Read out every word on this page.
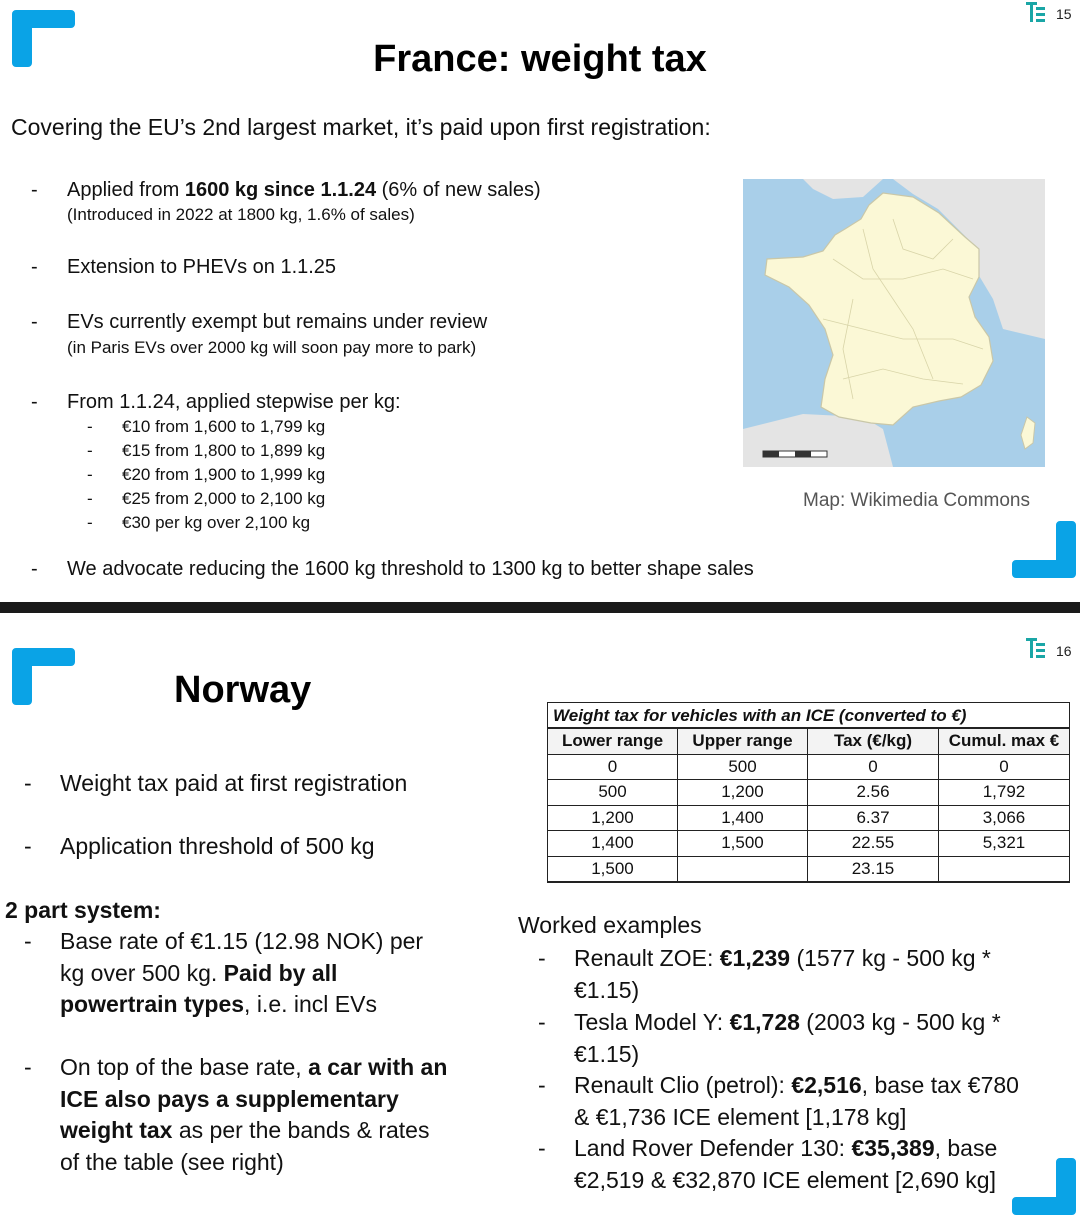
15
France: weight tax
Covering the EU’s 2nd largest market, it’s paid upon first registration:
- Applied from 1600 kg since 1.1.24 (6% of new sales)
(Introduced in 2022 at 1800 kg, 1.6% of sales)
- Extension to PHEVs on 1.1.25
- EVs currently exempt but remains under review
(in Paris EVs over 2000 kg will soon pay more to park)
- From 1.1.24, applied stepwise per kg:
- €10 from 1,600 to 1,799 kg
- €15 from 1,800 to 1,899 kg
- €20 from 1,900 to 1,999 kg
- €25 from 2,000 to 2,100 kg
- €30 per kg over 2,100 kg
- We advocate reducing the 1600 kg threshold to 1300 kg to better shape sales
Map: Wikimedia Commons
16
Norway
- Weight tax paid at first registration
- Application threshold of 500 kg
2 part system:
- Base rate of €1.15 (12.98 NOK) per kg over 500 kg. Paid by all powertrain types, i.e. incl EVs
- On top of the base rate, a car with an ICE also pays a supplementary weight tax as per the bands & rates of the table (see right)
Weight tax for vehicles with an ICE (converted to €)
Lower range	Upper range	Tax (€/kg)	Cumul. max €
0	500	0	0
500	1,200	2.56	1,792
1,200	1,400	6.37	3,066
1,400	1,500	22.55	5,321
1,500		23.15	
Worked examples
- Renault ZOE: €1,239 (1577 kg - 500 kg * €1.15)
- Tesla Model Y: €1,728 (2003 kg - 500 kg * €1.15)
- Renault Clio (petrol): €2,516, base tax €780 & €1,736 ICE element [1,178 kg]
- Land Rover Defender 130: €35,389, base €2,519 & €32,870 ICE element [2,690 kg]
